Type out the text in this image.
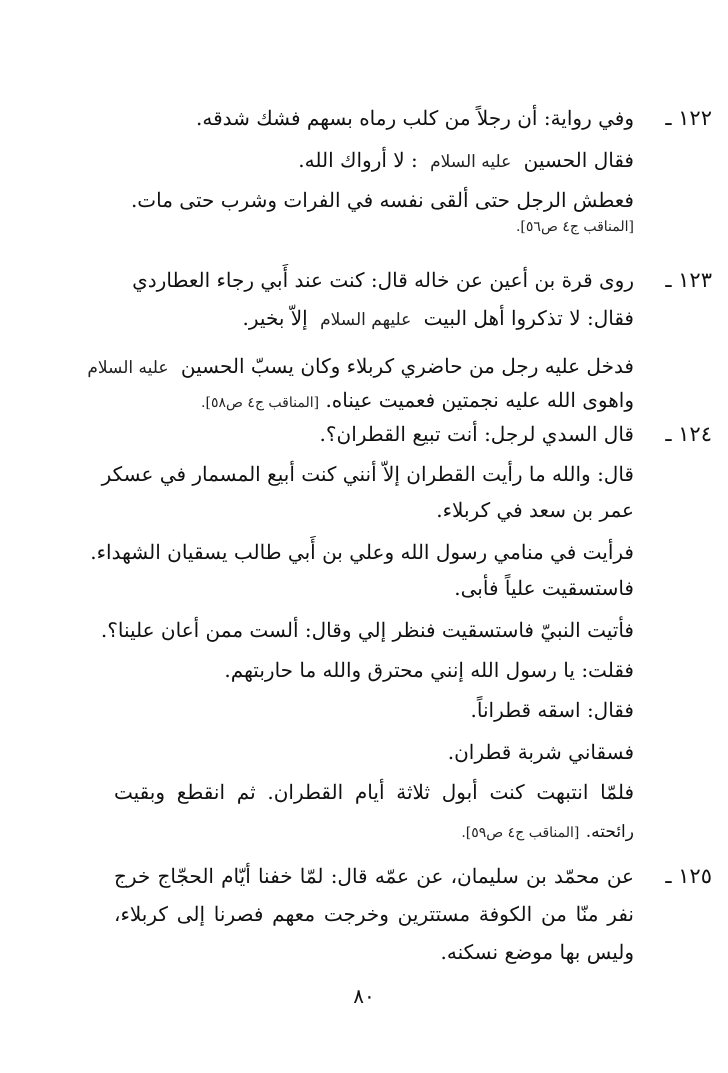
١٢٢ ـ
وفي رواية: أن رجلاً من كلب رماه بسهم فشك شدقه.
فقال الحسين عليه السلام : لا أرواك الله.
فعطش الرجل حتى ألقى نفسه في الفرات وشرب حتى مات.
[المناقب ج٤ ص٥٦].
١٢٣ ـ
روى قرة بن أعين عن خاله قال: كنت عند أَبي رجاء العطاردي
فقال: لا تذكروا أهل البيت عليهم السلام إلاّ بخير.
فدخل عليه رجل من حاضري كربلاء وكان يسبّ الحسين عليه السلام
واهوى الله عليه نجمتين فعميت عيناه. [المناقب ج٤ ص٥٨].
١٢٤ ـ
قال السدي لرجل: أنت تبيع القطران؟.
قال: والله ما رأيت القطران إلاّ أنني كنت أبيع المسمار في عسكر
عمر بن سعد في كربلاء.
فرأيت في منامي رسول الله وعلي بن أَبي طالب يسقيان الشهداء.
فاستسقيت علياً فأبى.
فأتيت النبيّ فاستسقيت فنظر إلي وقال: ألست ممن أعان علينا؟.
فقلت: يا رسول الله إنني محترق والله ما حاربتهم.
فقال: اسقه قطراناً.
فسقاني شربة قطران.
فلمّا انتبهت كنت أبول ثلاثة أيام القطران. ثم انقطع وبقيت
رائحته. [المناقب ج٤ ص٥٩].
١٢٥ ـ
عن محمّد بن سليمان، عن عمّه قال: لمّا خفنا أيّام الحجّاج خرج
نفر منّا من الكوفة مستترين وخرجت معهم فصرنا إلى كربلاء،
وليس بها موضع نسكنه.
٨٠
